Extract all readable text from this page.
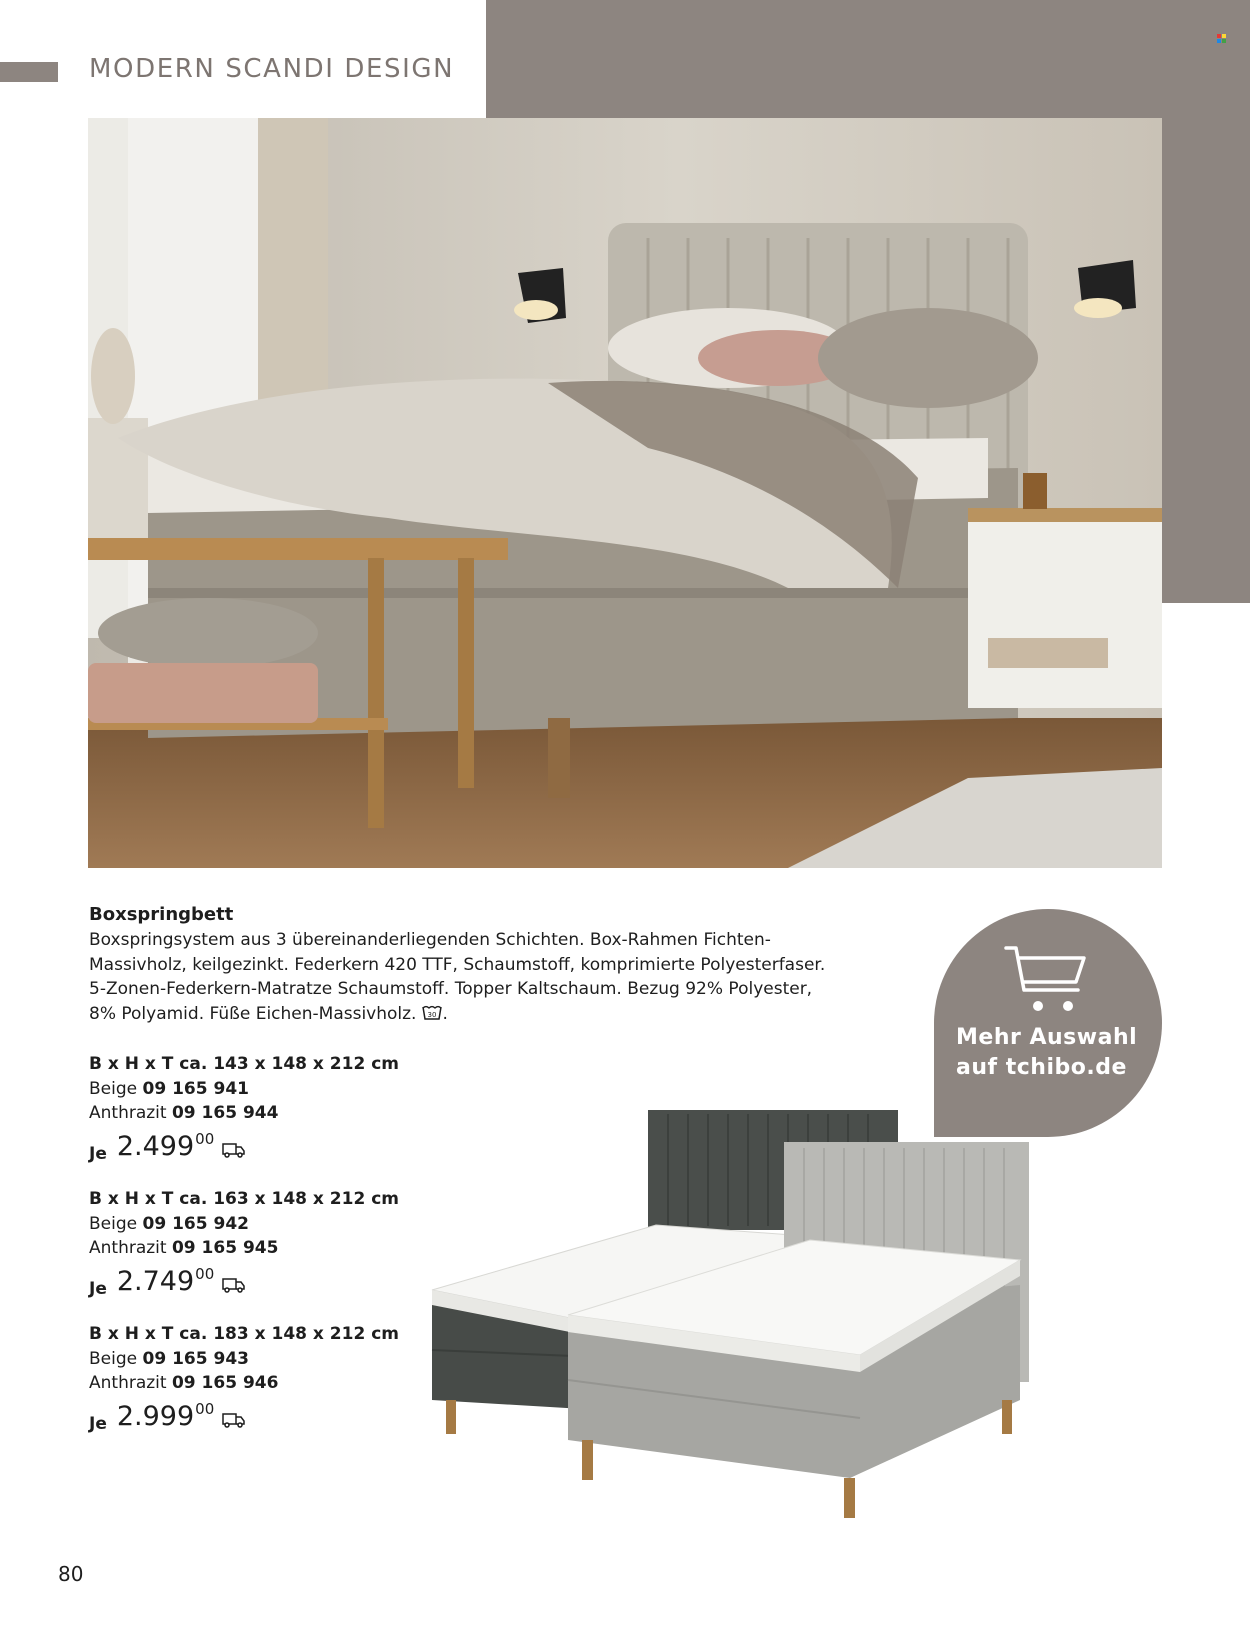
MODERN SCANDI DESIGN
Boxspringbett
Boxspringsystem aus 3 übereinanderliegenden Schichten. Box-Rahmen Fichten-
Massivholz, keilgezinkt. Federkern 420 TTF, Schaumstoff, komprimierte Polyesterfaser.
5-Zonen-Federkern-Matratze Schaumstoff. Topper Kaltschaum. Bezug 92% Polyester,
8% Polyamid. Füße Eichen-Massivholz. 30 .
B x H x T ca. 143 x 148 x 212 cm
Beige 09 165 941
Anthrazit 09 165 944
Je 2.499 00
B x H x T ca. 163 x 148 x 212 cm
Beige 09 165 942
Anthrazit 09 165 945
Je 2.749 00
B x H x T ca. 183 x 148 x 212 cm
Beige 09 165 943
Anthrazit 09 165 946
Je 2.999 00
Mehr Auswahl
auf tchibo.de
80
